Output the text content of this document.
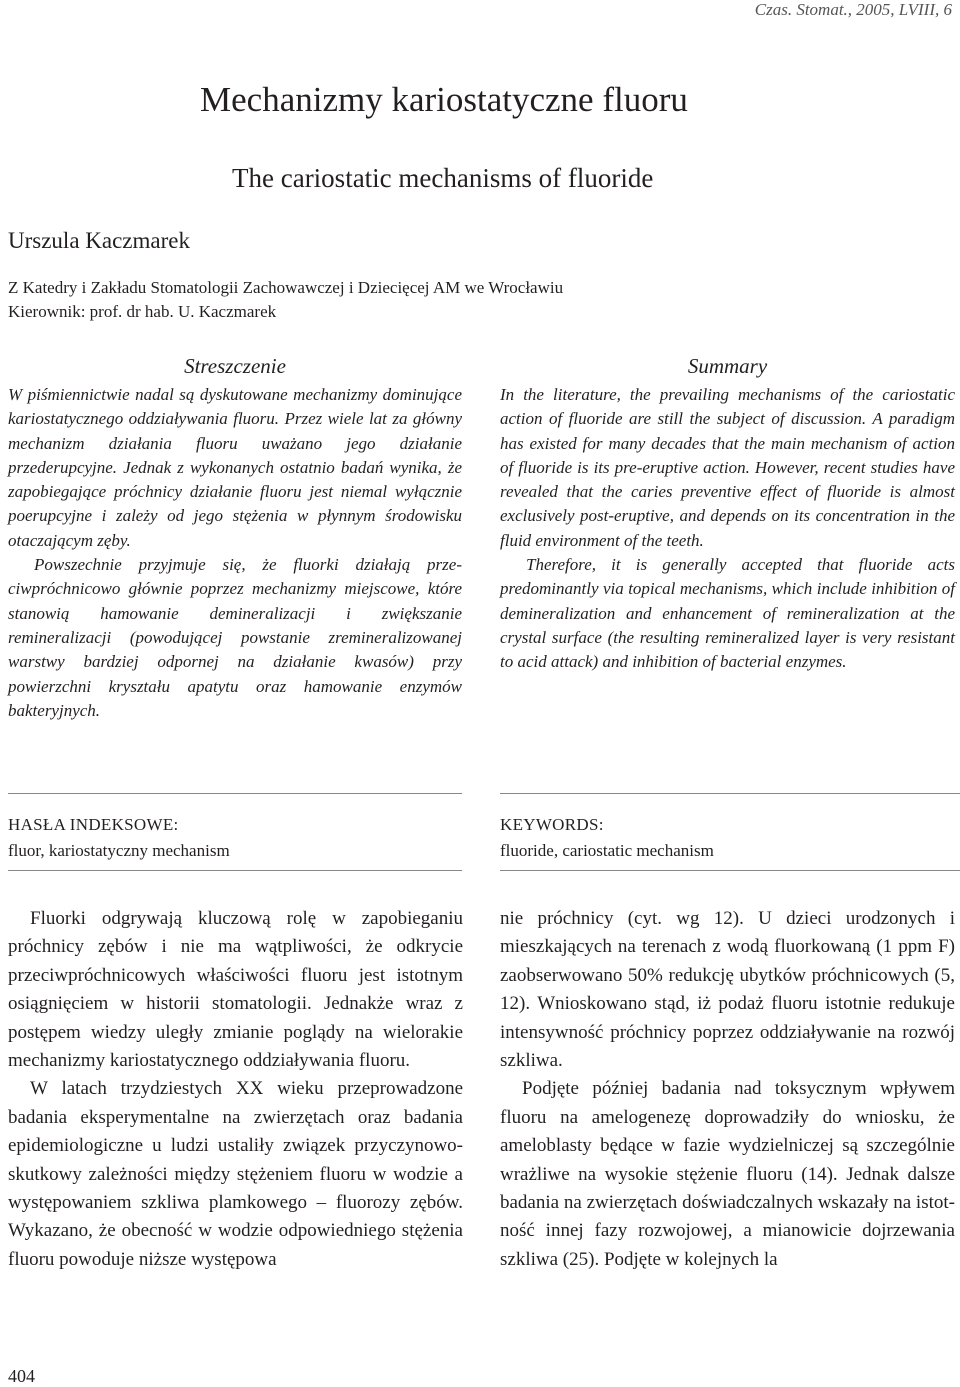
Czas. Stomat., 2005, LVIII, 6
Mechanizmy kariostatyczne fluoru
The cariostatic mechanisms of fluoride
Urszula Kaczmarek
Z Katedry i Zakładu Stomatologii Zachowawczej i Dziecięcej AM we Wrocławiu
Kierownik: prof. dr hab. U. Kaczmarek
Streszczenie

W piśmiennictwie nadal są dyskutowane mechanizmy dominujące kariostatycznego oddziaływania fluoru. Przez wiele lat za główny mechanizm działania fluoru uważano jego działanie przederupcyjne. Jednak z wykonanych ostatnio badań wynika, że zapobiegające próchnicy działanie fluoru jest niemal wyłącznie poerupcyjne i zależy od jego stężenia w płynnym środowisku otaczającym zęby.

Powszechnie przyjmuje się, że fluorki działają przeciwpróchnicowo głównie poprzez mechanizmy miejscowe, które stanowią hamowanie demineralizacji i zwiększanie remineralizacji (powodującej powstanie zremineralizowanej warstwy bardziej odpornej na działanie kwasów) przy powierzchni kryształu apatytu oraz hamowanie enzymów bakteryjnych.

Summary

In the literature, the prevailing mechanisms of the cariostatic action of fluoride are still the subject of discussion. A paradigm has existed for many decades that the main mechanism of action of fluoride is its pre-eruptive action. However, recent studies have revealed that the caries preventive effect of fluoride is almost exclusively post-eruptive, and depends on its concentration in the fluid environment of the teeth.

Therefore, it is generally accepted that fluoride acts predominantly via topical mechanisms, which include inhibition of demineralization and enhancement of remineralization at the crystal surface (the resulting remineralized layer is very resistant to acid attack) and inhibition of bacterial enzymes.

HASŁA INDEKSOWE:
fluor, kariostatyczny mechanism
KEYWORDS:
fluoride, cariostatic mechanism

Fluorki odgrywają kluczową rolę w zapobieganiu próchnicy zębów i nie ma wątpliwości, że odkrycie przeciwpróchnicowych właściwości fluoru jest istotnym osiągnięciem w historii stomatologii. Jednakże wraz z postępem wiedzy uległy zmianie poglądy na wielorakie mechanizmy kariostatycznego oddziaływania fluoru.

W latach trzydziestych XX wieku przeprowadzone badania eksperymentalne na zwierzętach oraz badania epidemiologiczne u ludzi ustaliły związek przyczynowo-skutkowy zależności między stężeniem fluoru w wodzie a występowaniem szkliwa plamkowego – fluorozy zębów. Wykazano, że obecność w wodzie odpowiedniego stężenia fluoru powoduje niższe występowa

nie próchnicy (cyt. wg 12). U dzieci urodzonych i mieszkających na terenach z wodą fluorkowaną (1 ppm F) zaobserwowano 50% redukcję ubytków próchnicowych (5, 12). Wnioskowano stąd, iż podaż fluoru istotnie redukuje intensywność próchnicy poprzez oddziaływanie na rozwój szkliwa.

Podjęte później badania nad toksycznym wpływem fluoru na amelogenezę doprowadziły do wniosku, że ameloblasty będące w fazie wydzielniczej są szczególnie wrażliwe na wysokie stężenie fluoru (14). Jednak dalsze badania na zwierzętach doświadczalnych wskazały na istotność innej fazy rozwojowej, a mianowicie dojrzewania szkliwa (25). Podjęte w kolejnych la

404
